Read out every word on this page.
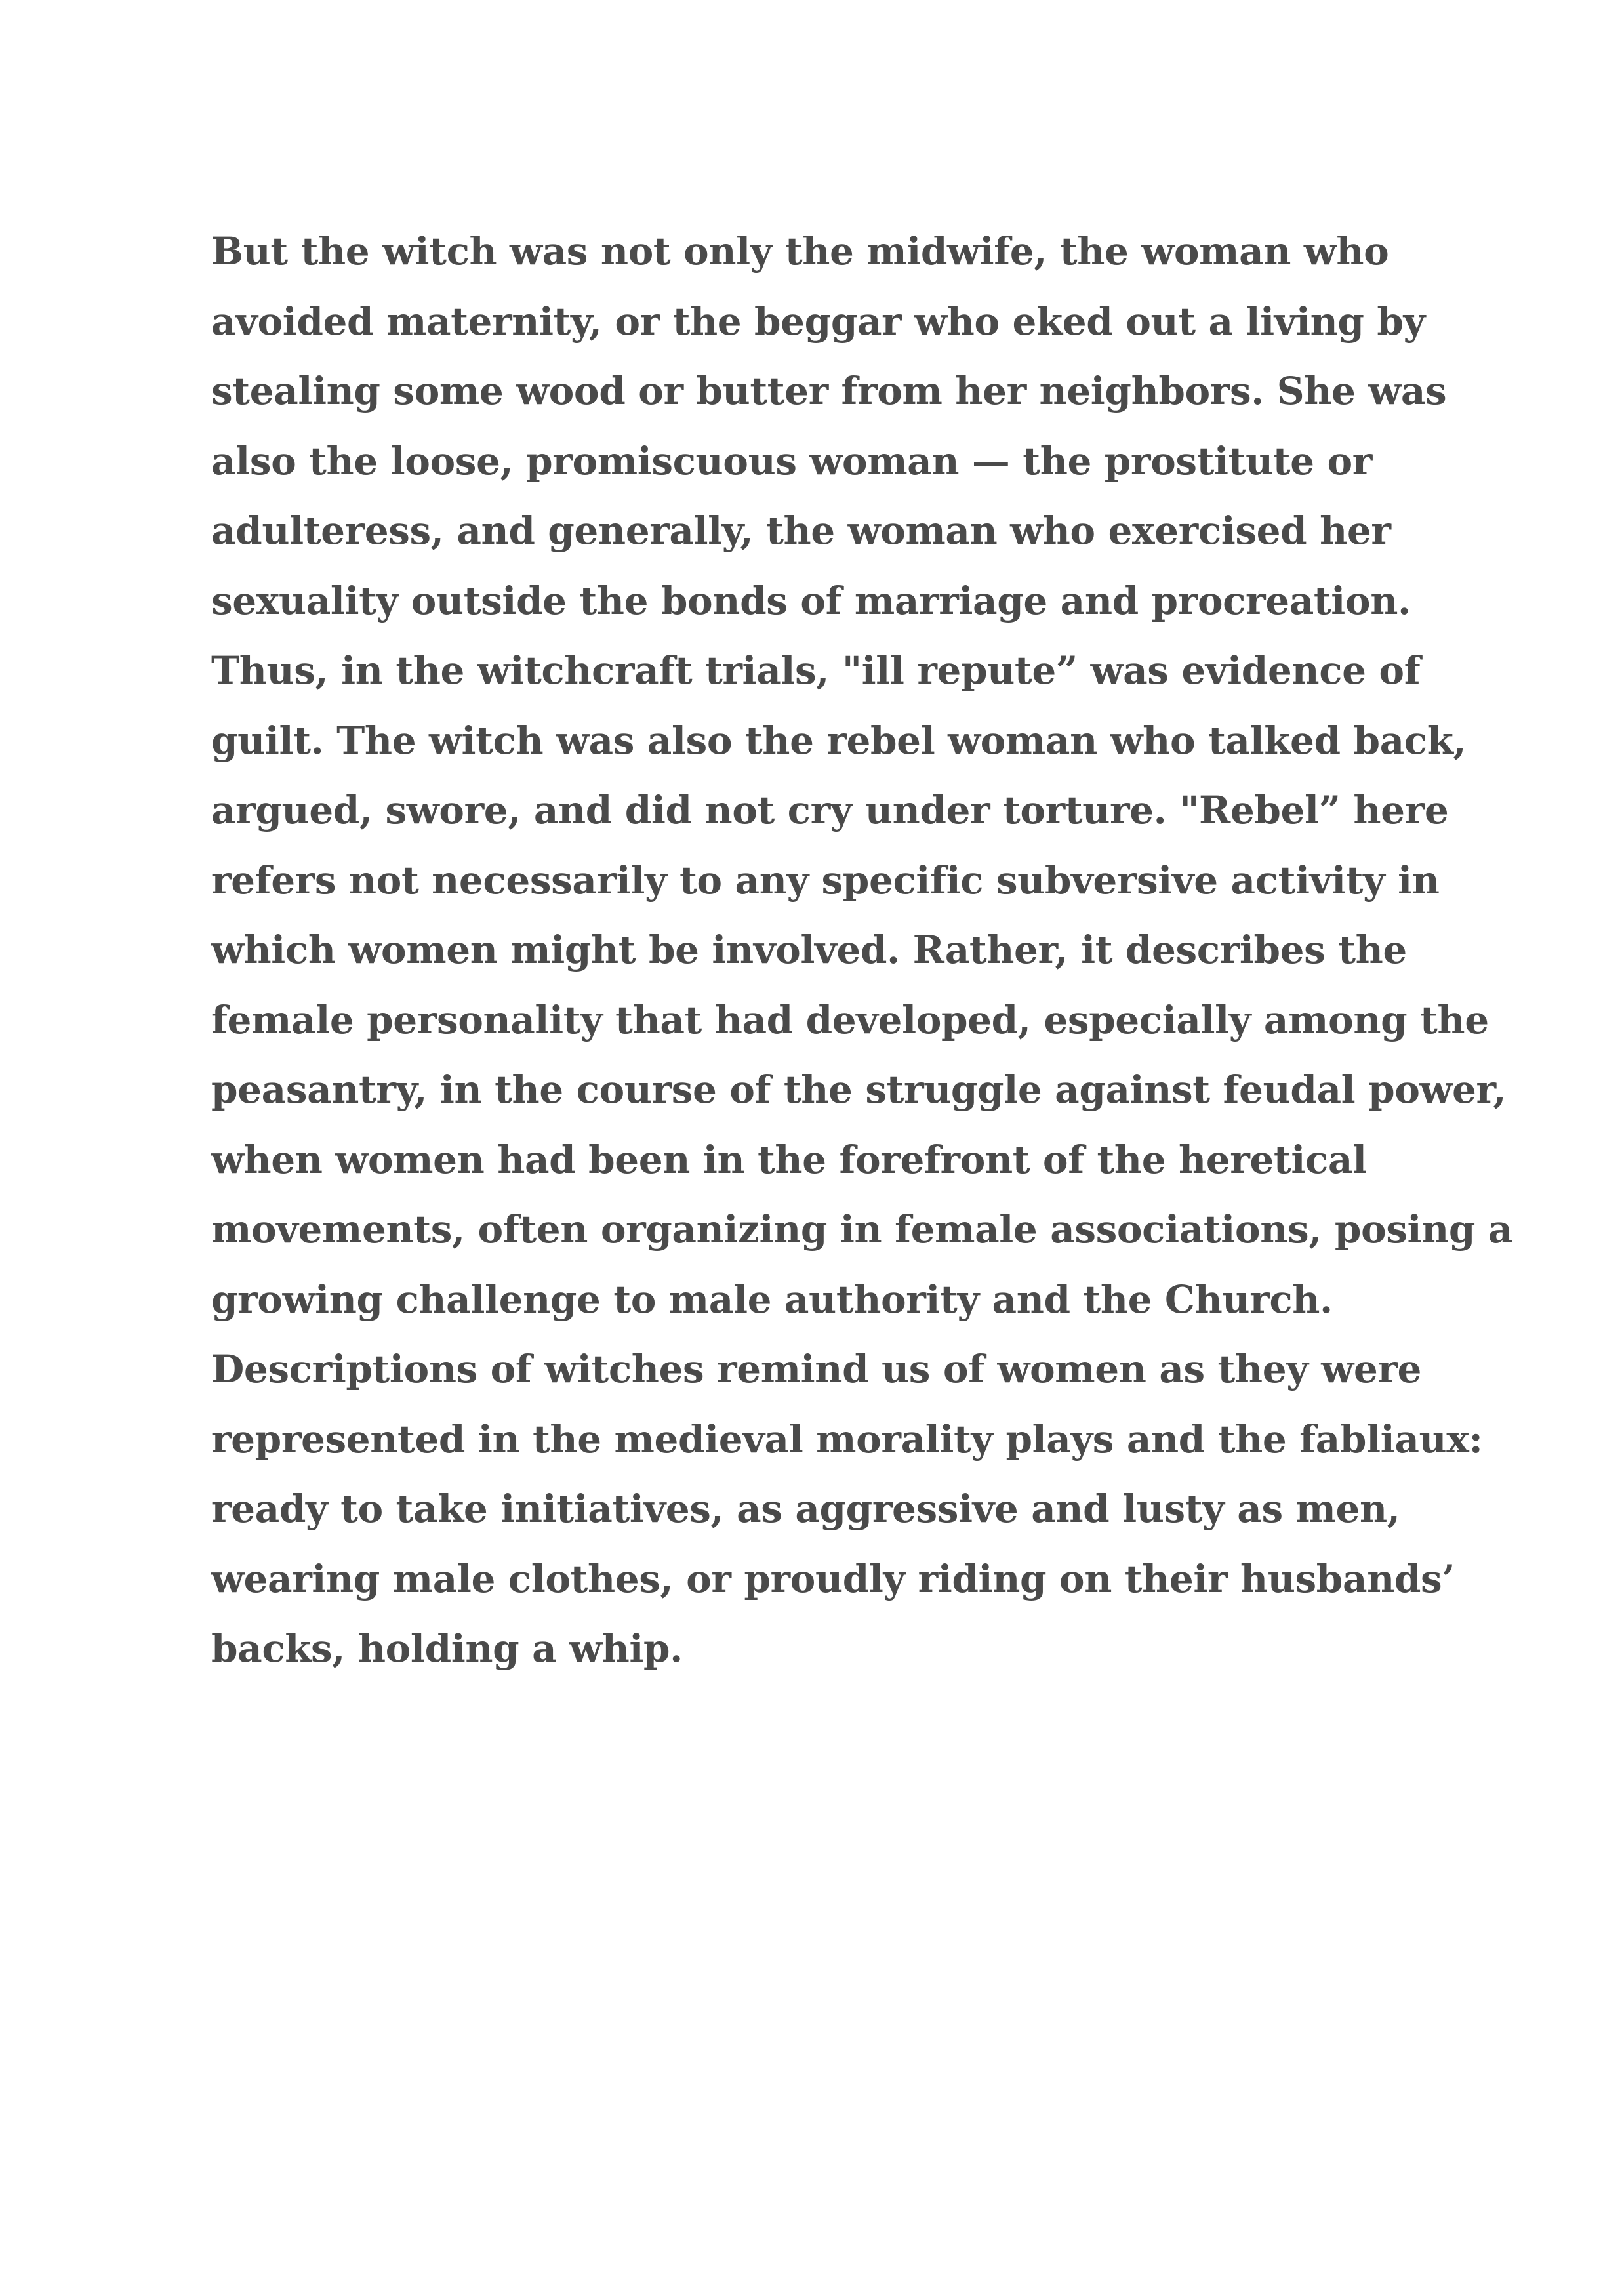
But the witch was not only the midwife, the woman who
avoided maternity, or the beggar who eked out a living by
stealing some wood or butter from her neighbors. She was
also the loose, promiscuous woman — the prostitute or
adulteress, and generally, the woman who exercised her
sexuality outside the bonds of marriage and procreation.
Thus, in the witchcraft trials, "ill repute” was evidence of
guilt. The witch was also the rebel woman who talked back,
argued, swore, and did not cry under torture. "Rebel” here
refers not necessarily to any specific subversive activity in
which women might be involved. Rather, it describes the
female personality that had developed, especially among the
peasantry, in the course of the struggle against feudal power,
when women had been in the forefront of the heretical
movements, often organizing in female associations, posing a
growing challenge to male authority and the Church.
Descriptions of witches remind us of women as they were
represented in the medieval morality plays and the fabliaux:
ready to take initiatives, as aggressive and lusty as men,
wearing male clothes, or proudly riding on their husbands’
backs, holding a whip.
